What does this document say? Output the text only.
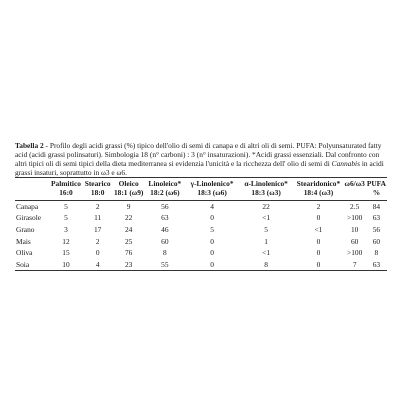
Tabella 2 - Profilo degli acidi grassi (%) tipico dell'olio di semi di canapa e di altri oli di semi. PUFA: Polyunsaturated fatty acid (acidi grassi polinsaturi). Simbologia 18 (n° carboni) : 3 (n° insaturazioni). *Acidi grassi essenziali. Dal confronto con altri tipici oli di semi tipici della dieta mediterranea si evidenzia l'unicità e la ricchezza dell' olio di semi di Cannabis in acidi grassi insaturi, soprattutto in ω3 e ω6.

	Palmitico	Stearico	Oleico	Linoleico*	γ-Linolenico*	α-Linolenico*	Stearidonico*	ω6/ω3	PUFA
	16:0	18:0	18:1 (ω9)	18:2 (ω6)	18:3 (ω6)	18:3 (ω3)	18:4 (ω3)		%
Canapa	5	2	9	56	4	22	2	2.5	84
Girasole	5	11	22	63	0	<1	0	>100	63
Grano	3	17	24	46	5	5	<1	10	56
Mais	12	2	25	60	0	1	0	60	60
Oliva	15	0	76	8	0	<1	0	>100	8
Soia	10	4	23	55	0	8	0	7	63
